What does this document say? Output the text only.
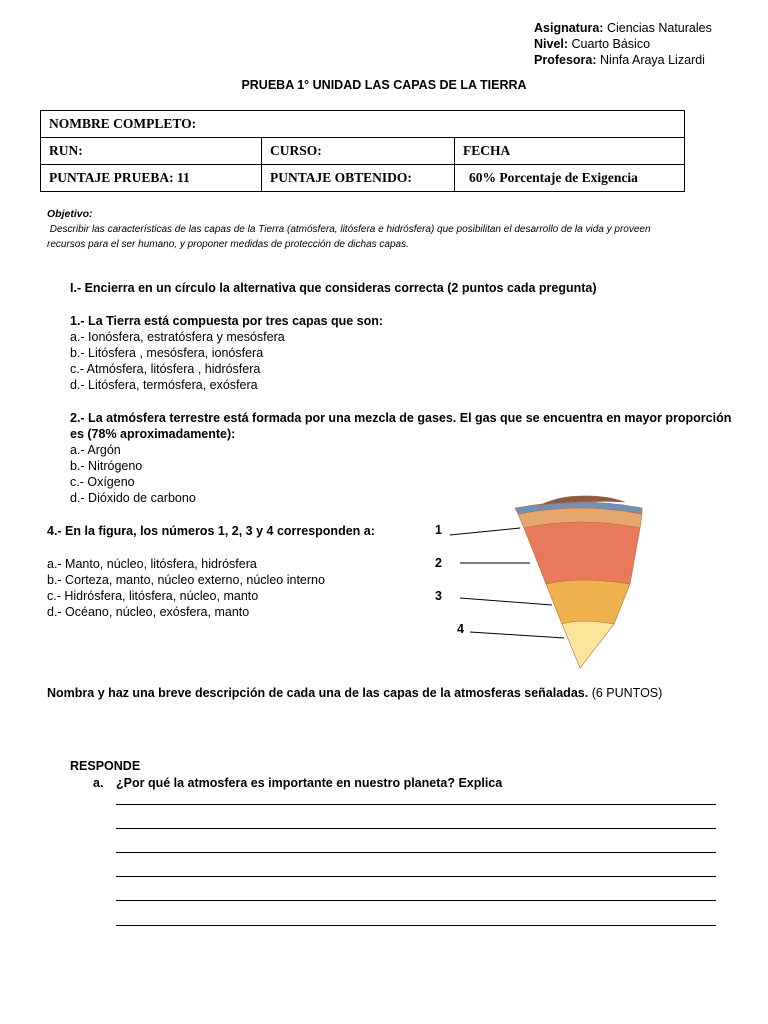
Asignatura: Ciencias Naturales
Nivel: Cuarto Básico
Profesora: Ninfa Araya Lizardi
PRUEBA 1° UNIDAD LAS CAPAS DE LA TIERRA
NOMBRE COMPLETO:		
RUN:	CURSO:	FECHA
PUNTAJE PRUEBA: 11	PUNTAJE OBTENIDO:	60% Porcentaje de Exigencia
Objetivo:
Describir las características de las capas de la Tierra (atmósfera, litósfera e hidrósfera) que posibilitan el desarrollo de la vida y proveen
recursos para el ser humano, y proponer medidas de protección de dichas capas.
I.- Encierra en un círculo la alternativa que consideras correcta (2 puntos cada pregunta)
1.- La Tierra está compuesta por tres capas que son:
a.- Ionósfera, estratósfera y mesósfera
b.- Litósfera , mesósfera, ionósfera
c.- Atmósfera, litósfera , hidrósfera
d.- Litósfera, termósfera, exósfera
2.- La atmósfera terrestre está formada por una mezcla de gases. El gas que se encuentra en mayor proporción
es (78% aproximadamente):
a.- Argón
b.- Nitrógeno
c.- Oxígeno
d.- Dióxido de carbono
4.- En la figura, los números 1, 2, 3 y 4 corresponden a:
a.- Manto, núcleo, litósfera, hidrósfera
b.- Corteza, manto, núcleo externo, núcleo interno
c.- Hidrósfera, litósfera, núcleo, manto
d.- Océano, núcleo, exósfera, manto
1
2
3
4
Nombra y haz una breve descripción de cada una de las capas de la atmosferas señaladas. (6 PUNTOS)
RESPONDE
a. ¿Por qué la atmosfera es importante en nuestro planeta? Explica
